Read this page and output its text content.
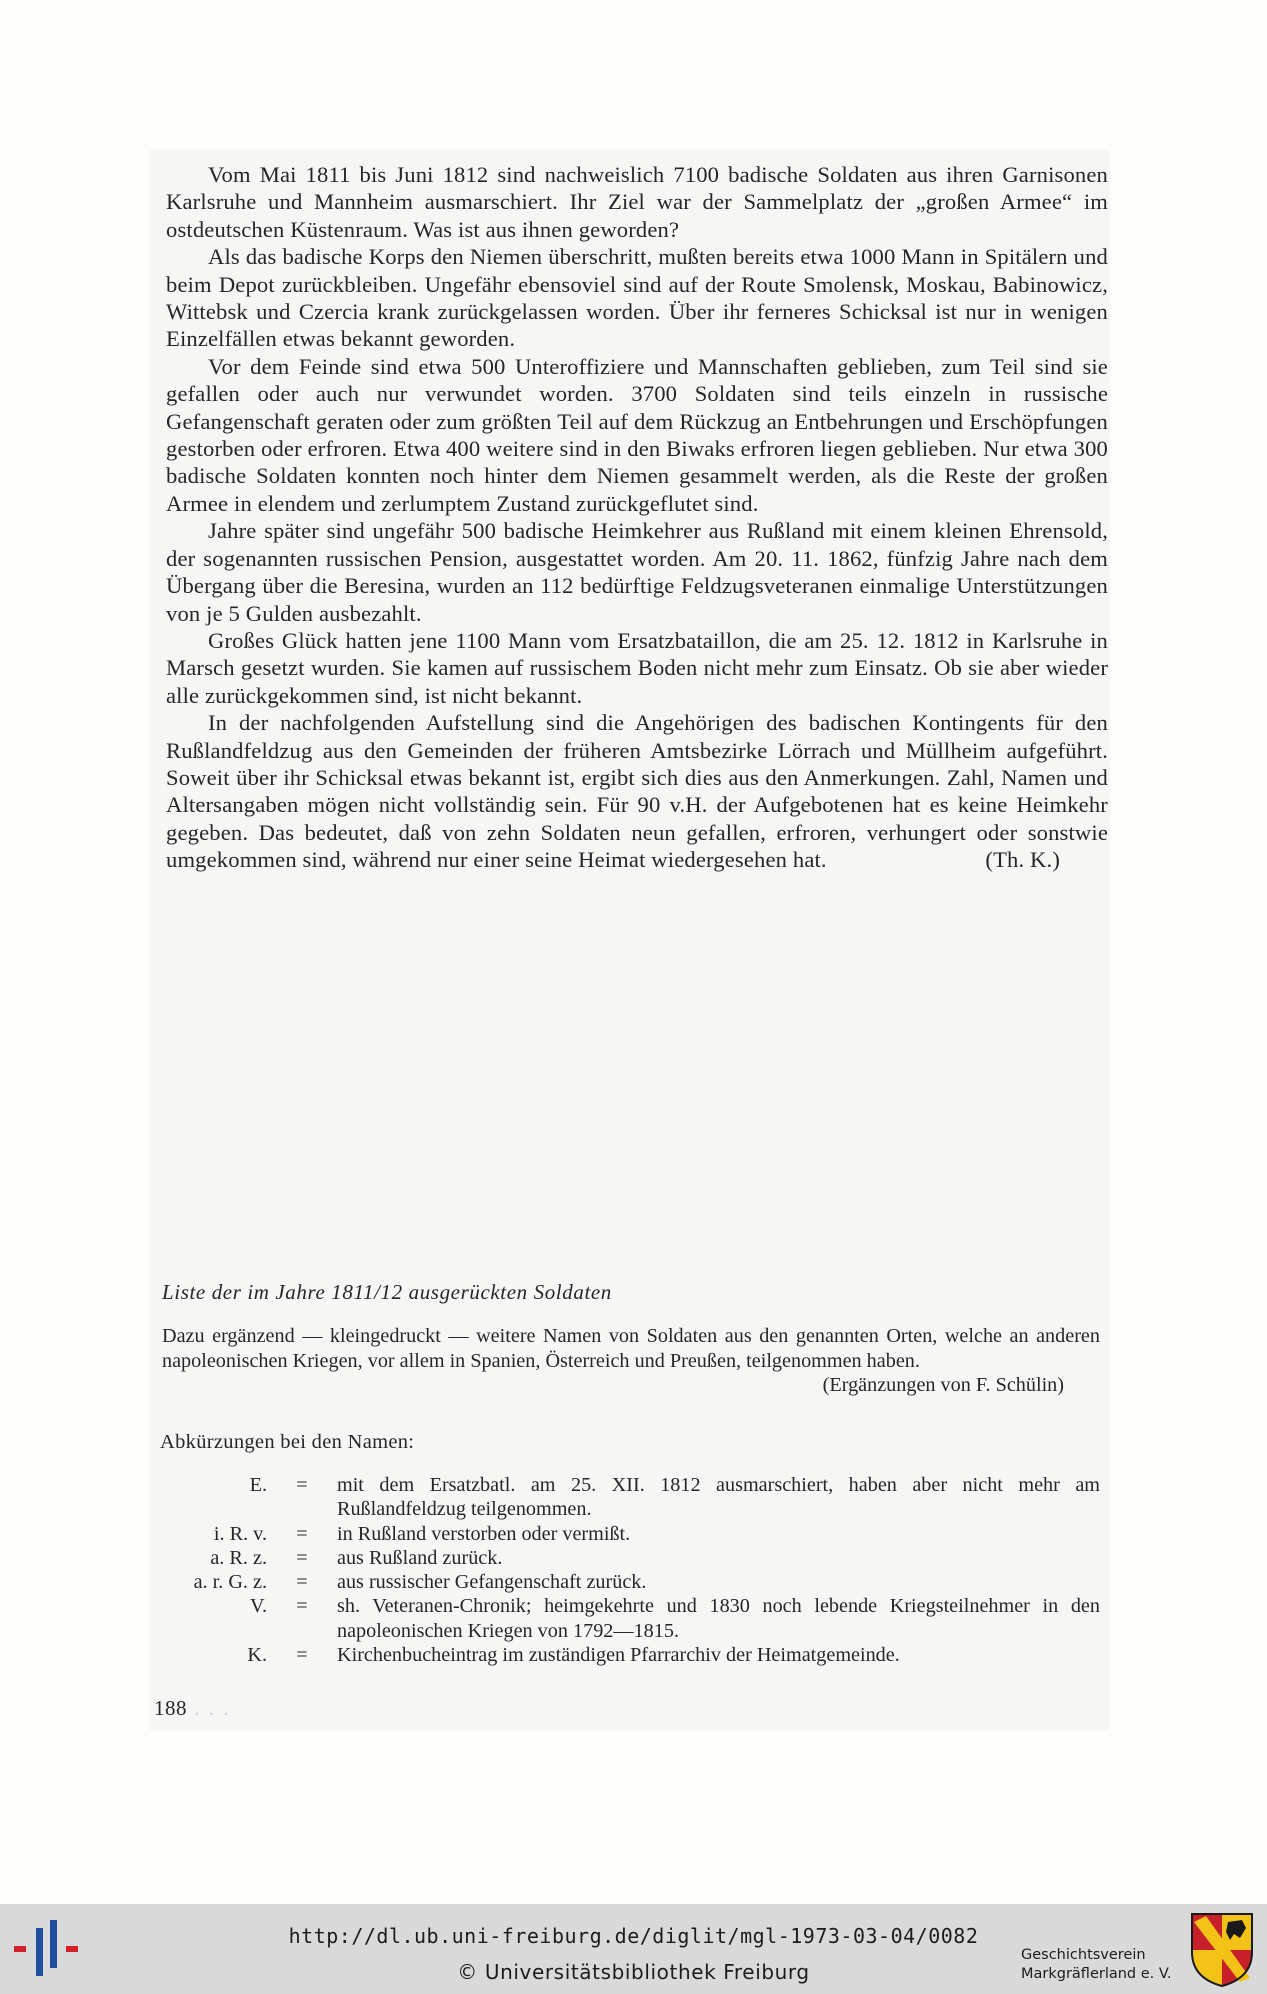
Vom Mai 1811 bis Juni 1812 sind nachweislich 7100 badische Soldaten aus ihren Garnisonen Karlsruhe und Mannheim ausmarschiert. Ihr Ziel war der Sammelplatz der „großen Armee“ im ostdeutschen Küstenraum. Was ist aus ihnen geworden?

Als das badische Korps den Niemen überschritt, mußten bereits etwa 1000 Mann in Spitälern und beim Depot zurückbleiben. Ungefähr ebensoviel sind auf der Route Smolensk, Moskau, Babinowicz, Wittebsk und Czercia krank zurückgelassen worden. Über ihr ferneres Schicksal ist nur in wenigen Einzelfällen etwas bekannt geworden.

Vor dem Feinde sind etwa 500 Unteroffiziere und Mannschaften geblieben, zum Teil sind sie gefallen oder auch nur verwundet worden. 3700 Soldaten sind teils einzeln in russische Gefangenschaft geraten oder zum größten Teil auf dem Rückzug an Entbehrungen und Erschöpfungen gestorben oder erfroren. Etwa 400 weitere sind in den Biwaks erfroren liegen geblieben. Nur etwa 300 badische Soldaten konnten noch hinter dem Niemen gesammelt werden, als die Reste der großen Armee in elendem und zerlumptem Zustand zurückgeflutet sind.

Jahre später sind ungefähr 500 badische Heimkehrer aus Rußland mit einem kleinen Ehrensold, der sogenannten russischen Pension, ausgestattet worden. Am 20. 11. 1862, fünfzig Jahre nach dem Übergang über die Beresina, wurden an 112 bedürftige Feldzugsveteranen einmalige Unterstützungen von je 5 Gulden ausbezahlt.

Großes Glück hatten jene 1100 Mann vom Ersatzbataillon, die am 25. 12. 1812 in Karlsruhe in Marsch gesetzt wurden. Sie kamen auf russischem Boden nicht mehr zum Einsatz. Ob sie aber wieder alle zurückgekommen sind, ist nicht bekannt.

In der nachfolgenden Aufstellung sind die Angehörigen des badischen Kontingents für den Rußlandfeldzug aus den Gemeinden der früheren Amtsbezirke Lörrach und Müllheim aufgeführt. Soweit über ihr Schicksal etwas bekannt ist, ergibt sich dies aus den Anmerkungen. Zahl, Namen und Altersangaben mögen nicht vollständig sein. Für 90 v.H. der Aufgebotenen hat es keine Heimkehr gegeben. Das bedeutet, daß von zehn Soldaten neun gefallen, erfroren, verhungert oder sonstwie umgekommen sind, während nur einer seine Heimat wiedergesehen hat.	(Th. K.)

Liste der im Jahre 1811/12 ausgerückten Soldaten
Dazu ergänzend — kleingedruckt — weitere Namen von Soldaten aus den genannten Orten, welche an anderen napoleonischen Kriegen, vor allem in Spanien, Österreich und Preußen, teilgenommen haben.
(Ergänzungen von F. Schülin)
Abkürzungen bei den Namen:
E.	=	mit dem Ersatzbatl. am 25. XII. 1812 ausmarschiert, haben aber nicht mehr am Rußlandfeldzug teilgenommen.
i. R. v.	=	in Rußland verstorben oder vermißt.
a. R. z.	=	aus Rußland zurück.
a. r. G. z.	=	aus russischer Gefangenschaft zurück.
V.	=	sh. Veteranen-Chronik; heimgekehrte und 1830 noch lebende Kriegsteilnehmer in den napoleonischen Kriegen von 1792—1815.
K.	=	Kirchenbucheintrag im zuständigen Pfarrarchiv der Heimatgemeinde.
188 . . .
http://dl.ub.uni-freiburg.de/diglit/mgl-1973-03-04/0082
© Universitätsbibliothek Freiburg
Geschichtsverein
Markgräflerland e. V.
